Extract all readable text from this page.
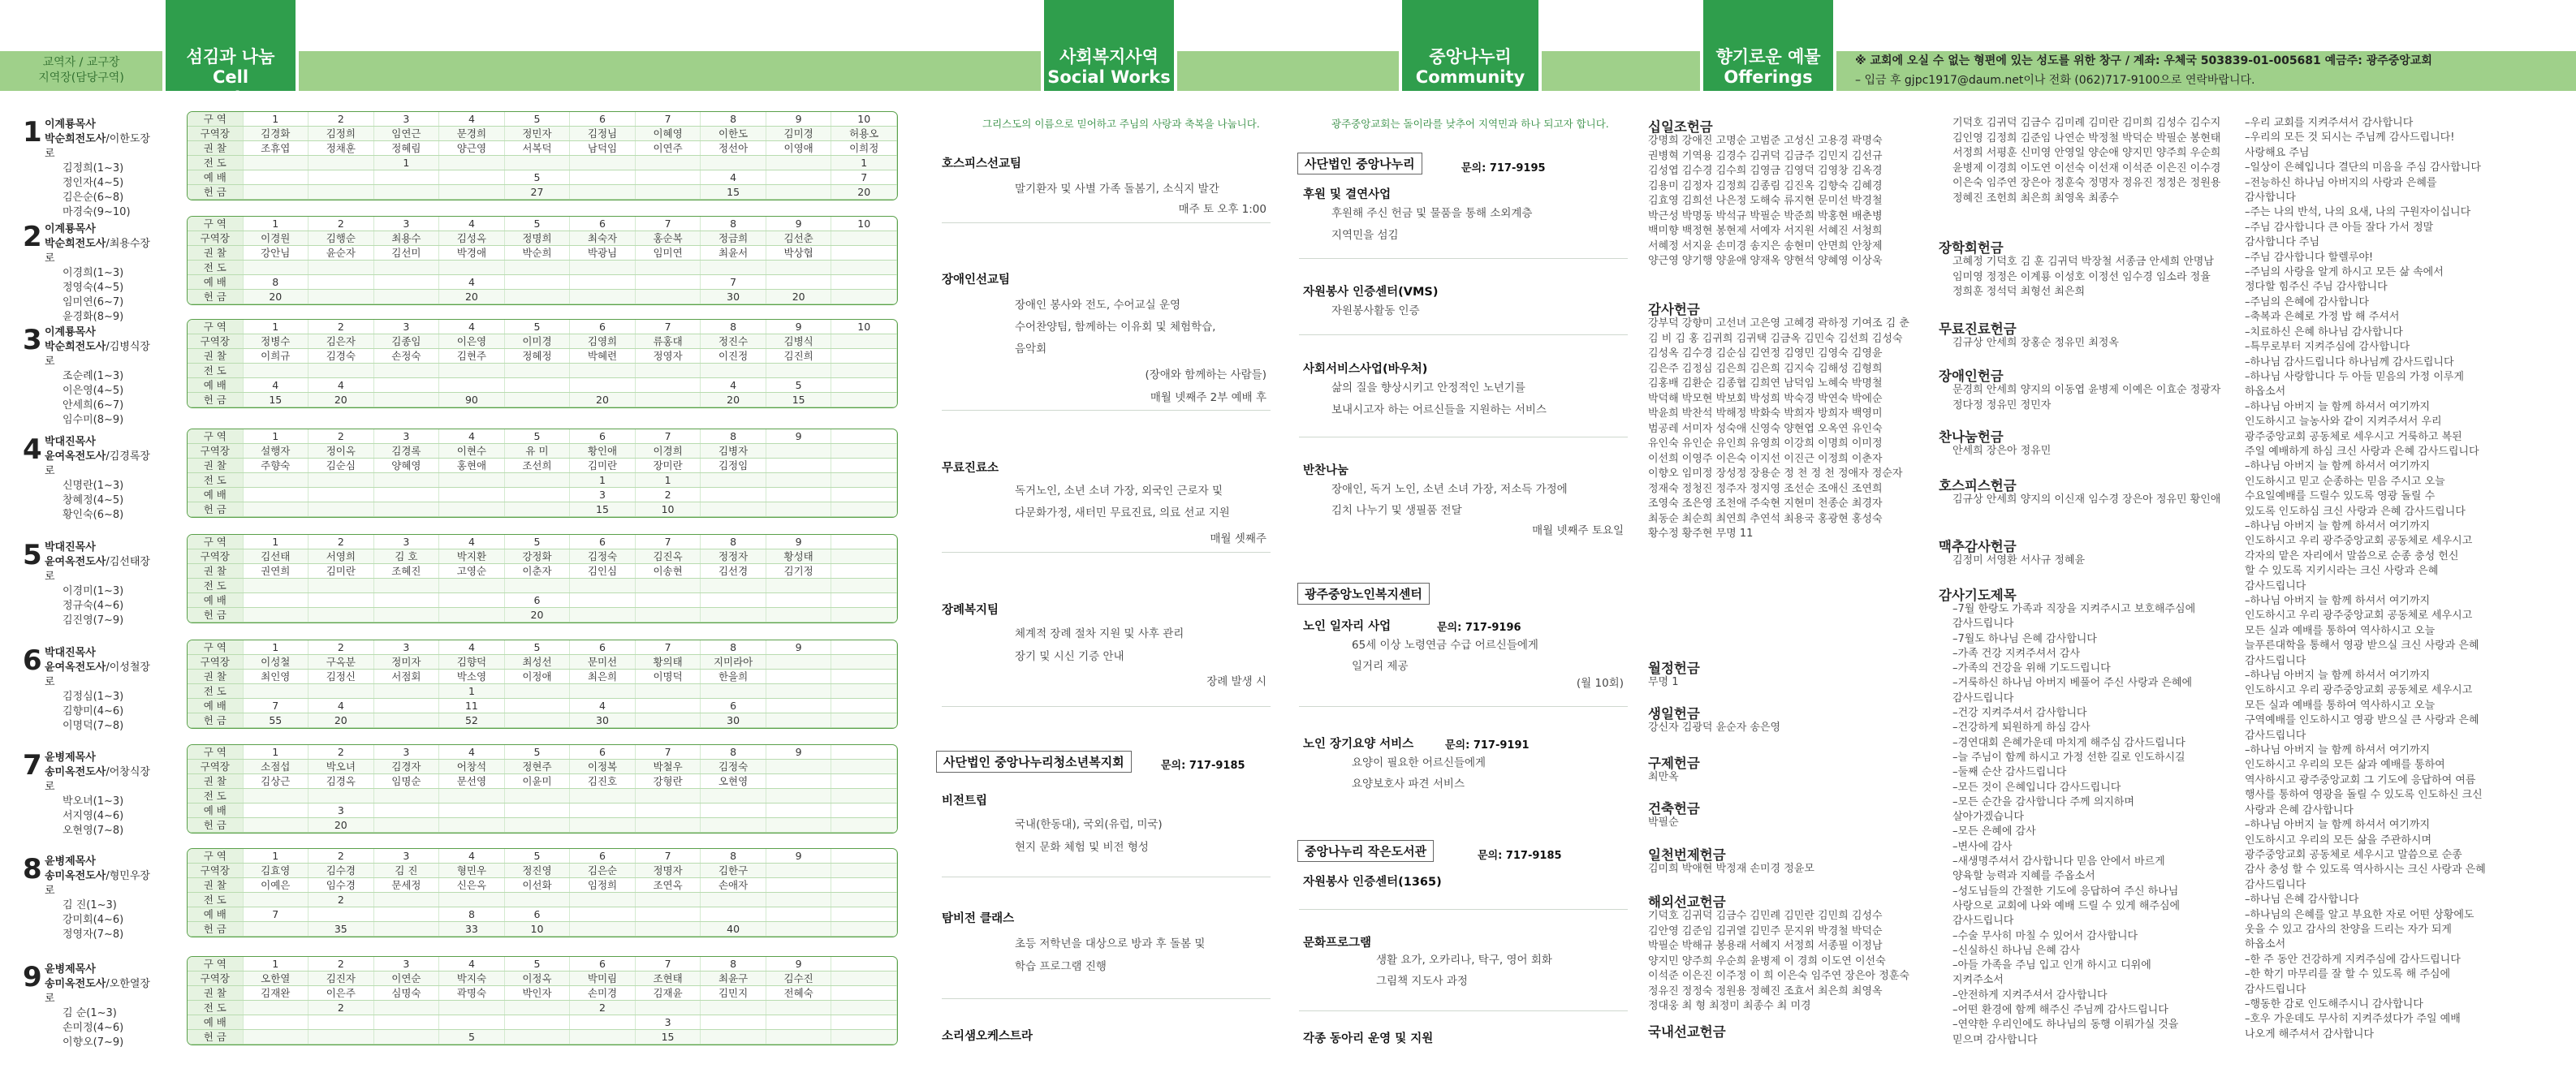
교역자 / 교구장
지역장(담당구역)
섬김과 나눔
Cell Meetings
사회복지사역
Social Works
중앙나누리
Community Center
향기로운 예물
Offerings
※ 교회에 오실 수 없는 형편에 있는 성도를 위한 창구 / 계좌: 우체국 503839-01-005681 예금주: 광주중앙교회
– 입금 후 gjpc1917@daum.net이나 전화 (062)717-9100으로 연락바랍니다.
1 이계룡목사
박순희전도사/이한도장로
김정희(1~3)
정인자(4~5)
김은순(6~8)
마경숙(9~10)
구 역	1	2	3	4	5	6	7	8	9	10
구역장	김경화	김정희	임연근	문경희	정민자	김정님	이혜영	이한도	김미경	허용오
권 찰	조휴엽	정채훈	정혜림	양근영	서복덕	남덕임	이연주	정선아	이영애	이희정
전 도			1							1
예 배					5			4		7
헌 금					27			15		20
2 이계룡목사
박순희전도사/최용수장로
이경희(1~3)
정영숙(4~5)
임미연(6~7)
윤경화(8~9)
구 역	1	2	3	4	5	6	7	8	9	10
구역장	이경원	김행순	최용수	김성옥	정명희	최숙자	홍순복	정금희	김선춘	
권 찰	강안님	윤순자	김선미	박경애	박순희	박광님	임미연	최윤서	박상협	
전 도										
예 배	8			4				7		
헌 금	20			20				30	20	
3 이계룡목사
박순희전도사/김병식장로
조순례(1~3)
이은영(4~5)
안세희(6~7)
임수미(8~9)
구 역	1	2	3	4	5	6	7	8	9	10
구역장	정병수	김은자	김종임	이은영	이미경	김영희	류홍대	정진수	김병식	
권 찰	이희규	김경숙	손정숙	김현주	정혜정	박혜련	정영자	이진정	김진희	
전 도										
예 배	4	4						4	5	
헌 금	15	20		90		20		20	15	
4 박대진목사
윤여옥전도사/김경록장로
신명란(1~3)
창혜정(4~5)
황인숙(6~8)
구 역	1	2	3	4	5	6	7	8	9	
구역장	설행자	정이옥	김경록	이현수	유 미	황인애	이경희	김병자		
권 찰	주향숙	김순심	양혜영	홍현애	조선희	김미란	장미란	김정임		
전 도						1	1			
예 배						3	2			
헌 금						15	10			
5 박대진목사
윤여옥전도사/김선태장로
이경미(1~3)
정규숙(4~6)
김진영(7~9)
구 역	1	2	3	4	5	6	7	8	9	
구역장	김선태	서영희	김 호	박지환	강정화	김정숙	김진옥	정정자	황성태	
권 찰	권연희	김미란	조혜진	고영순	이춘자	김인심	이송현	김선경	김기정	
전 도										
예 배					6					
헌 금					20					
6 박대진목사
윤여옥전도사/이성철장로
김정심(1~3)
김향미(4~6)
이명덕(7~8)
구 역	1	2	3	4	5	6	7	8	9	
구역장	이성철	구옥분	정미자	김향덕	최성선	문미선	황의태	지미라아		
권 찰	최인영	김정신	서점회	박소영	이정애	최은희	이명덕	한을희		
전 도				1						
예 배	7	4		11		4		6		
헌 금	55	20		52		30		30		
7 윤병제목사
송미옥전도사/어창식장로
박오녀(1~3)
서지영(4~6)
오현영(7~8)
구 역	1	2	3	4	5	6	7	8	9	
구역장	소점섭	박오녀	김경자	어창석	정현주	이정복	박철우	김정숙		
권 찰	김상근	김경옥	임명순	문선영	이윤미	김진호	강형란	오현영		
전 도										
예 배		3								
헌 금		20								
8 윤병제목사
송미옥전도사/형민우장로
김 진(1~3)
강미회(4~6)
정영자(7~8)
구 역	1	2	3	4	5	6	7	8	9	
구역장	김효영	김수경	김 진	형민우	정진영	김은순	정명자	김한구		
권 찰	이예은	임수경	문세정	신은옥	이선화	임정희	조연옥	손애자		
전 도		2								
예 배	7			8	6					
헌 금		35		33	10			40		
9 윤병제목사
송미옥전도사/오한열장로
김 순(1~3)
손미정(4~6)
이향오(7~9)
구 역	1	2	3	4	5	6	7	8	9	
구역장	오한열	김진자	이연순	박지숙	이정옥	박미림	조현태	최윤구	김수진	
권 찰	김재완	이은주	심명숙	곽명숙	박인자	손미경	김재윤	김민지	전혜숙	
전 도		2				2				
예 배							3			
헌 금				5			15			
그리스도의 이름으로 믿어하고 주님의 사랑과 축복을 나눕니다.
호스피스선교팀
말기환자 및 사별 가족 돌봄기, 소식지 발간
매주 토 오후 1:00
장애인선교팀
장애인 봉사와 전도, 수어교실 운영
수어찬양팀, 함께하는 이유회 및 체험학습,
음악회
(장애와 함께하는 사람들)
매월 넷째주 2부 예배 후
무료진료소
독거노인, 소년 소녀 가장, 외국인 근로자 및
다문화가정, 새터민 무료진료, 의료 선교 지원
매월 셋째주
장례복지팀
체계적 장례 절차 지원 및 사후 관리
장기 및 시신 기증 안내
장례 발생 시
사단법인 중앙나누리청소년복지회	문의: 717-9185
비전트립
국내(한동대), 국외(유럽, 미국)
현지 문화 체험 및 비전 형성
탐비전 클래스
초등 저학년을 대상으로 방과 후 돌봄 및
학습 프로그램 진행
소리샘오케스트라
광주중앙교회는 돌이라를 낮추어 지역민과 하나 되고자 합니다.
사단법인 중앙나누리	문의: 717-9195
후원 및 결연사업
후원해 주신 헌금 및 물품을 통해 소외계층
지역민을 섬김
자원봉사 인증센터(VMS)
자원봉사활동 인증
사회서비스사업(바우처)
삶의 질을 향상시키고 안정적인 노년기를
보내시고자 하는 어르신들을 지원하는 서비스
반찬나눔
장애인, 독거 노인, 소년 소녀 가장, 저소득 가정에
김치 나누기 및 생필품 전달
매월 넷째주 토요일
광주중앙노인복지센터
노인 일자리 사업	문의: 717-9196
65세 이상 노령연금 수급 어르신들에게
일거리 제공
(월 10회)
노인 장기요양 서비스	문의: 717-9191
요양이 필요한 어르신들에게
요양보호사 파견 서비스
중앙나누리 작은도서관	문의: 717-9185
자원봉사 인증센터(1365)
문화프로그램
생활 요가, 오카리나, 탁구, 영어 회화
그림책 지도사 과정
각종 동아리 운영 및 지원
십일조헌금
강명희 강애진 고명순 고범준 고성신 고용경 곽명숙 권병혁 기역용 김경수 김귀덕 김금주 김민지 김선규 김성엽 김수경 김수희 김영금 김영덕 김영창 김옥경 김용미 김정자 김정희 김종림 김진옥 김향숙 김혜경 김효영 김희선 나은정 도해숙 류지현 문미선 박경철 박근성 박명동 박석규 박필순 박준희 박홍현 배춘병 백미향 백정현 봉현제 서예자 서지원 서혜진 서청희 서혜정 서지윤 손미경 송지은 송현미 안면희 안창제 양근영 양기행 양윤애 양재옥 양현석 양혜영 이상욱
감사헌금
강부덕 강향미 고선녀 고은영 고혜경 곽하정 기여조 김 춘 김 비 김 홍 김귀희 김귀택 김금옥 김민숙 김선희 김성숙 김성옥 김수경 김순심 김연정 김영민 김영숙 김영윤 김은주 김정심 김은희 김은희 김지숙 김해성 김형희 김홍배 김환순 김종협 김희연 남덕임 노혜숙 박명철 박덕해 박모현 박보회 박성희 박숙경 박연숙 박에순 박윤희 박찬석 박해정 박화숙 박희자 방희자 백영미 범공레 서미자 성숙애 신영숙 양현엽 오옥연 유인숙 유인숙 유인순 유인희 유영희 이강희 이명희 이미정 이선희 이영주 이은숙 이지선 이진근 이정희 이춘자 이향오 임미정 장성정 장용순 정 천 정 천 정애자 정순자 정재숙 정청진 정주자 정지영 조선순 조애신 조연희 조영숙 조은영 조천애 주숙현 지현미 천종순 최경자 최동순 최순희 최연희 추연석 최용국 홍광현 홍성숙 황수정 황주현 무명 11
월정헌금
무명 1
생일헌금
강신자 김광덕 윤순자 송은영
구제헌금
최만옥
건축헌금
박필순
일천번제헌금
김미희 박애현 박정재 손미경 정윤모
해외선교헌금
기덕호 김귀덕 김금수 김민례 김민란 김민희 김성수 김안영 김준임 김귀열 김민주 문지위 박경철 박덕순 박필순 박해규 봉용래 서혜지 서정희 서종필 이정남 양지민 양주희 우순희 윤병제 이 경희 이도연 이선숙 이석준 이은진 이주정 이 희 이은숙 임주연 장은아 정훈숙 정유진 정정숙 정원용 정혜진 조효서 최은희 최영옥 정대웅 최 형 최정미 최종수 최 미경
국내선교헌금
기덕호 김귀덕 김금수 김미례 김미란 김미희 김성수 김수지 김인영 김정희 김준임 나연순 박정철 박덕순 박필순 봉현태 서정희 서평훈 신미영 안영일 양순애 양지민 양주희 우순희 윤병제 이경희 이도연 이선숙 이선재 이석준 이은진 이수경 이은숙 임주연 장은아 정훈숙 정명자 정유진 정정은 정원용 정혜진 조헌희 최은희 최영옥 최종수
장학회헌금
고혜정 기덕호 김 훈 김귀덕 박장철 서종금 안세희 안명남 임미영 정정은 이계룡 이성호 이정선 임수경 임소라 정율 정희훈 정석덕 최형선 최은희
무료진료헌금
김규상 안세희 장홍순 정유민 최정옥
장애인헌금
문경희 안세희 양지의 이동엽 윤병제 이예은 이효순 정광자 정다정 정유민 정민자
찬나눔헌금
안세희 장은아 정유민
호스피스헌금
김규상 안세희 양지의 이신재 임수경 장은아 정유민 황인애
맥추감사헌금
김정미 서영환 서사규 정혜윤
감사기도제목
–7월 한랑도 가족과 직장을 지켜주시고 보호해주심에
감사드립니다
–7월도 하나님 은혜 감사합니다
–가족 건강 지켜주셔서 감사
–가족의 건강을 위해 기도드립니다
–거룩하신 하나님 아버지 베풀어 주신 사랑과 은혜에
감사드립니다
–건강 지켜주셔서 감사합니다
–건강하게 퇴원하게 하심 감사
–경연대회 은혜가운데 마치게 해주심 감사드립니다
–늘 주님이 함께 하시고 가정 선한 길로 인도하시길
–둘째 순산 감사드립니다
–모든 것이 은혜입니다 감사드립니다
–모든 순간을 감사합니다 주께 의지하며
살아가겠습니다
–모든 은혜에 감사
–변사에 감사
–새생명주셔서 감사합니다 믿음 안에서 바르게
양육할 능력과 지혜를 주옵소서
–성도님들의 간절한 기도에 응답하여 주신 하나님
사랑으로 교회에 나와 예배 드릴 수 있게 해주심에
감사드립니다
–수술 무사히 마칠 수 있어서 감사합니다
–신실하신 하나님 은혜 감사
–아들 가족을 주님 입고 인개 하시고 디위에
지켜주소서
–안전하게 지켜주셔서 감사합니다
–어떤 환경에 함께 해주신 주님께 감사드립니다
–연약한 우리인에도 하나님의 동행 이뤄가실 것을
믿으며 감사합니다
–우리 교회를 지켜주셔서 감사합니다
–우리의 모든 것 되시는 주님께 감사드립니다!
사랑해요 주님
–일상이 은혜입니다 결단의 미음을 주심 감사합니다
–전능하신 하나님 아버지의 사랑과 은혜를
감사합니다
–주는 나의 반석, 나의 요새, 나의 구원자이십니다
–주님 감사합니다 큰 아들 잘다 가서 정말
감사합니다 주님
–주님 감사합니다 할렐루야!
–주님의 사랑을 알게 하시고 모든 삶 속에서
정다할 힘주신 주님 감사합니다
–주님의 은혜에 감사합니다
–축복과 은혜로 가정 밥 해 주셔서
–치료하신 은혜 하나님 감사합니다
–특무로부터 지켜주심에 감사합니다
–하나님 감사드립니다 하나님께 감사드립니다
–하나님 사랑합니다 두 아들 믿음의 가정 이루게
하옵소서
–하나님 아버지 늘 함께 하셔서 여기까지
인도하시고 늘농사와 같이 지켜주셔서 우리
광주중앙교회 공동체로 세우시고 거룩하고 복된
주일 예배하게 하심 크신 사랑과 은혜 감사드립니다
–하나님 아버지 늘 함께 하셔서 여기까지
인도하시고 믿고 순종하는 믿음 주시고 오늘
수요일예배를 드릴수 있도록 영광 돌릴 수
있도록 인도하심 크신 사랑과 은혜 감사드립니다
–하나님 아버지 늘 함께 하셔서 여기까지
인도하시고 우리 광주중앙교회 공동체로 세우시고
각자의 맡은 자리에서 말씀으로 순종 충성 헌신
할 수 있도록 지키시라는 크신 사랑과 은혜
감사드립니다
–하나님 아버지 늘 함께 하셔서 여기까지
인도하시고 우리 광주중앙교회 공동체로 세우시고
모든 실과 예배를 통하여 역사하시고 오늘
늘푸른대학을 통해서 영광 받으실 크신 사랑과 은혜
감사드립니다
–하나님 아버지 늘 함께 하셔서 여기까지
인도하시고 우리 광주중앙교회 공동체로 세우시고
모든 실과 예배를 통하여 역사하시고 오늘
구역예배를 인도하시고 영광 받으실 큰 사랑과 은혜
감사드립니다
–하나님 아버지 늘 함께 하셔서 여기까지
인도하시고 우리의 모든 삶과 예배를 통하여
역사하시고 광주중앙교회 그 기도에 응답하여 여름
행사를 통하여 영광을 돌릴 수 있도록 인도하신 크신
사랑과 은혜 감사합니다
–하나님 아버지 늘 함께 하셔서 여기까지
인도하시고 우리의 모든 삶을 주관하시며
광주중앙교회 공동체로 세우시고 말씀으로 순종
감사 충성 할 수 있도록 역사하시는 크신 사랑과 은혜
감사드립니다
–하나님 은혜 감사합니다
–하나님의 은혜를 알고 부요한 자로 어떤 상황에도
웃을 수 있고 감사의 찬양을 드리는 자가 되게
하옵소서
–한 주 동안 건강하게 지켜주심에 감사드립니다
–한 학기 마무리를 잘 할 수 있도록 해 주심에
감사드립니다
–행동한 감로 인도해주시니 감사합니다
–호우 가운데도 무사히 지켜주셨다가 주일 예배
나오게 해주셔서 감사합니다
